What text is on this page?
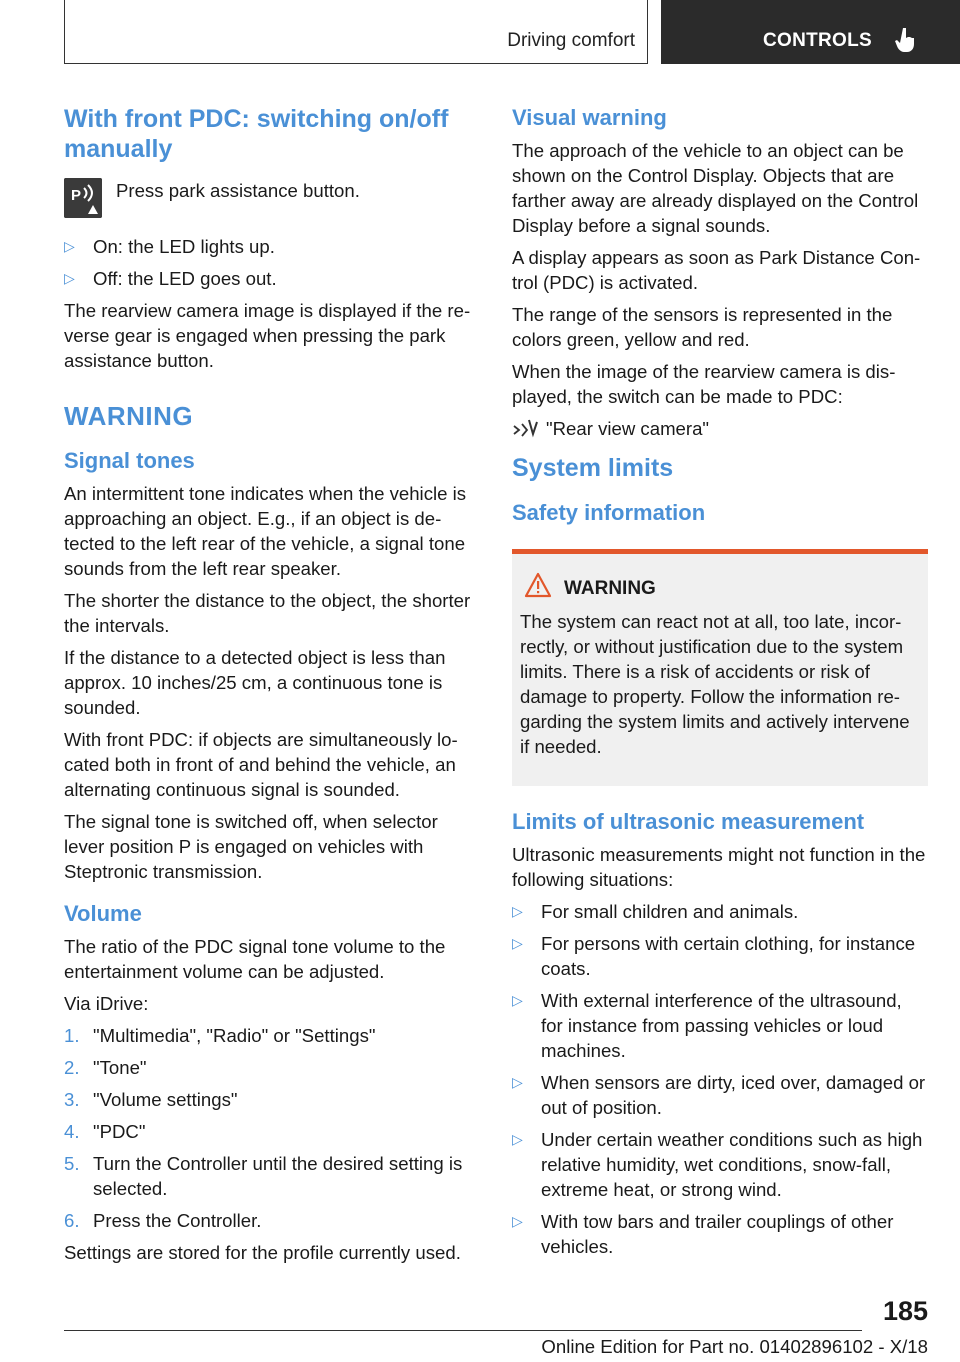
Driving comfort	CONTROLS
With front PDC: switching on/off manually
P Press park assistance button.
▷ On: the LED lights up.
▷ Off: the LED goes out.

The rearview camera image is displayed if the re-verse gear is engaged when pressing the park assistance button.

WARNING
Signal tones

An intermittent tone indicates when the vehicle is approaching an object. E.g., if an object is de-tected to the left rear of the vehicle, a signal tone sounds from the left rear speaker.

The shorter the distance to the object, the shorter the intervals.

If the distance to a detected object is less than approx. 10 inches/25 cm, a continuous tone is sounded.

With front PDC: if objects are simultaneously lo-cated both in front of and behind the vehicle, an alternating continuous signal is sounded.

The signal tone is switched off, when selector lever position P is engaged on vehicles with Steptronic transmission.

Volume

The ratio of the PDC signal tone volume to the entertainment volume can be adjusted.

Via iDrive:

1. "Multimedia", "Radio" or "Settings"
2. "Tone"
3. "Volume settings"
4. "PDC"
5. Turn the Controller until the desired setting is selected.
6. Press the Controller.

Settings are stored for the profile currently used.

Visual warning

The approach of the vehicle to an object can be shown on the Control Display. Objects that are farther away are already displayed on the Control Display before a signal sounds.

A display appears as soon as Park Distance Con-trol (PDC) is activated.

The range of the sensors is represented in the colors green, yellow and red.

When the image of the rearview camera is dis-played, the switch can be made to PDC:

"Rear view camera"
System limits
Safety information
WARNING

The system can react not at all, too late, incor-rectly, or without justification due to the system limits. There is a risk of accidents or risk of damage to property. Follow the information re-garding the system limits and actively intervene if needed.

Limits of ultrasonic measurement

Ultrasonic measurements might not function in the following situations:

▷ For small children and animals.
▷ For persons with certain clothing, for instance coats.
▷ With external interference of the ultrasound, for instance from passing vehicles or loud machines.
▷ When sensors are dirty, iced over, damaged or out of position.
▷ Under certain weather conditions such as high relative humidity, wet conditions, snow-fall, extreme heat, or strong wind.
▷ With tow bars and trailer couplings of other vehicles.
185
Online Edition for Part no. 01402896102 - X/18
